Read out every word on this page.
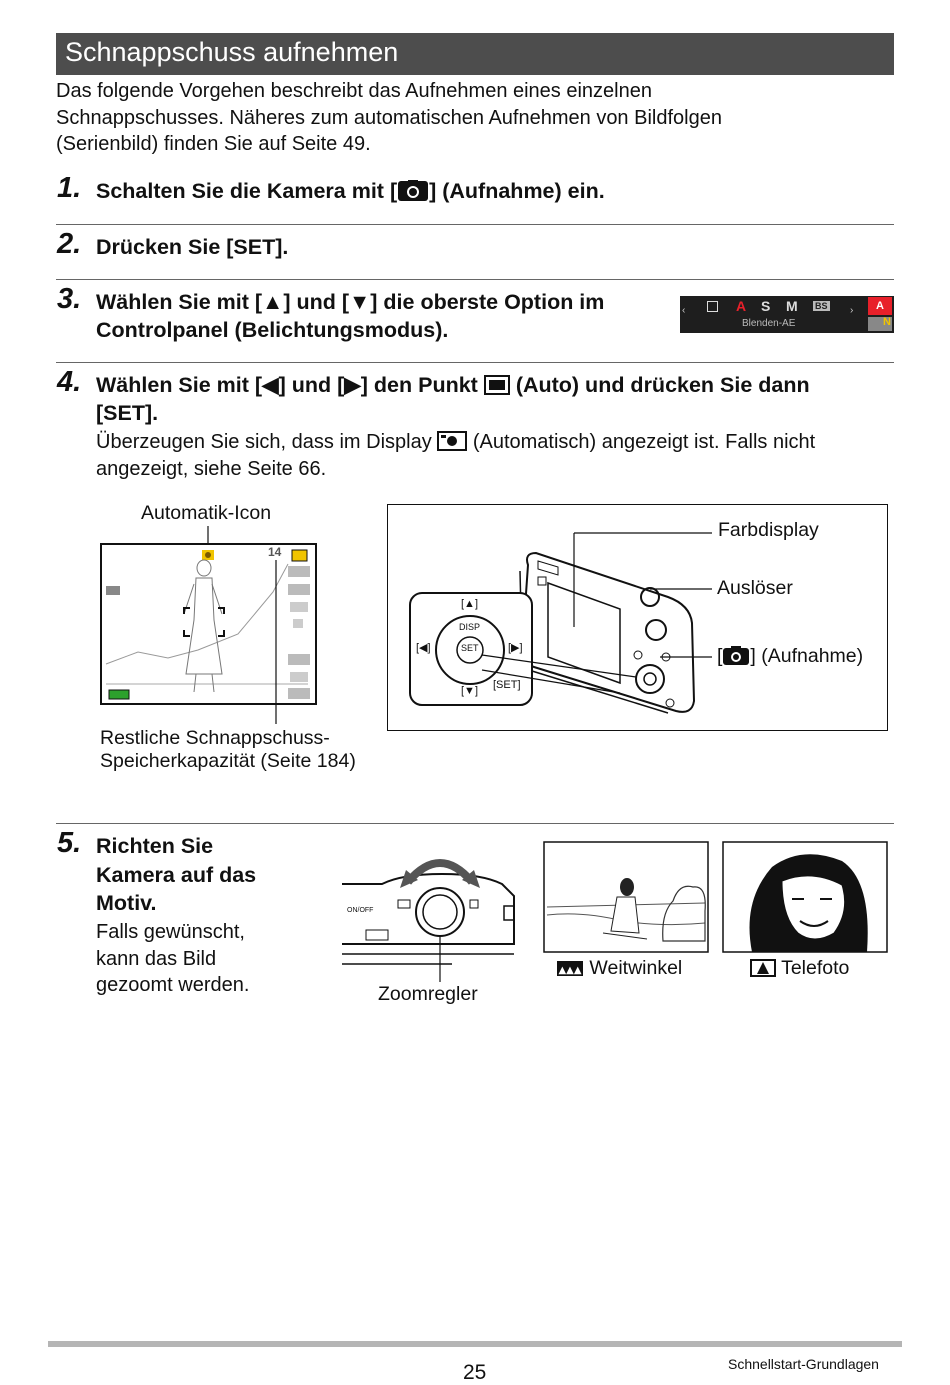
Schnappschuss aufnehmen
Das folgende Vorgehen beschreibt das Aufnehmen eines einzelnen
Schnappschusses. Näheres zum automatischen Aufnehmen von Bildfolgen
(Serienbild) finden Sie auf Seite 49.
1. Schalten Sie die Kamera mit [ ] (Aufnahme) ein.
2. Drücken Sie [SET].
3. Wählen Sie mit [▲] und [▼] die oberste Option im
Controlpanel (Belichtungsmodus).
‹	A S M BS ›
Blenden-AE
A
N
4. Wählen Sie mit [◀] und [▶] den Punkt (Auto) und drücken Sie dann
[SET].
Überzeugen Sie sich, dass im Display (Automatisch) angezeigt ist. Falls nicht
angezeigt, siehe Seite 66.
Automatik-Icon
14
Restliche Schnappschuss-
Speicherkapazität (Seite 184)
Farbdisplay
Auslöser
[ ] (Aufnahme)
[▲]
[▼]
[◀]	[▶]
SET
DISP
[SET]
5. Richten Sie
Kamera auf das
Motiv.
Falls gewünscht,
kann das Bild
gezoomt werden.
ON/OFF
Zoomregler
▲▲▲ Weitwinkel	Telefoto
25	Schnellstart-Grundlagen
